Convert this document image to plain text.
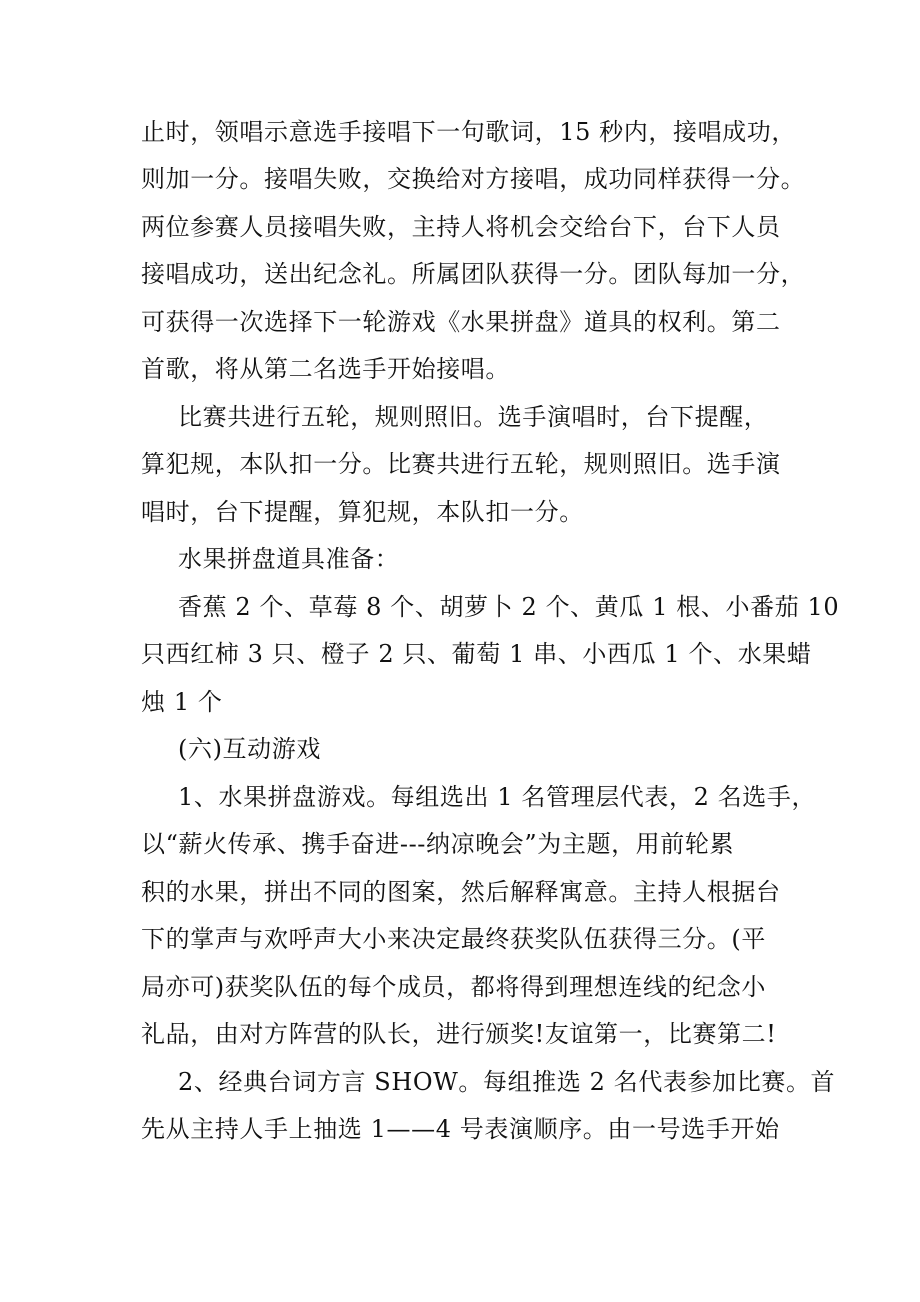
止时，领唱示意选手接唱下一句歌词，15 秒内，接唱成功，
则加一分。接唱失败，交换给对方接唱，成功同样获得一分。
两位参赛人员接唱失败，主持人将机会交给台下，台下人员
接唱成功，送出纪念礼。所属团队获得一分。团队每加一分，
可获得一次选择下一轮游戏《水果拼盘》道具的权利。第二
首歌，将从第二名选手开始接唱。
比赛共进行五轮，规则照旧。选手演唱时，台下提醒，
算犯规，本队扣一分。比赛共进行五轮，规则照旧。选手演
唱时，台下提醒，算犯规，本队扣一分。
水果拼盘道具准备：
香蕉 2 个、草莓 8 个、胡萝卜 2 个、黄瓜 1 根、小番茄 10
只西红柿 3 只、橙子 2 只、葡萄 1 串、小西瓜 1 个、水果蜡
烛 1 个
(六)互动游戏
1、水果拼盘游戏。每组选出 1 名管理层代表，2 名选手，
以“薪火传承、携手奋进---纳凉晚会”为主题，用前轮累
积的水果，拼出不同的图案，然后解释寓意。主持人根据台
下的掌声与欢呼声大小来决定最终获奖队伍获得三分。(平
局亦可)获奖队伍的每个成员，都将得到理想连线的纪念小
礼品，由对方阵营的队长，进行颁奖!友谊第一，比赛第二!
2、经典台词方言 SHOW。每组推选 2 名代表参加比赛。首
先从主持人手上抽选 1——4 号表演顺序。由一号选手开始
